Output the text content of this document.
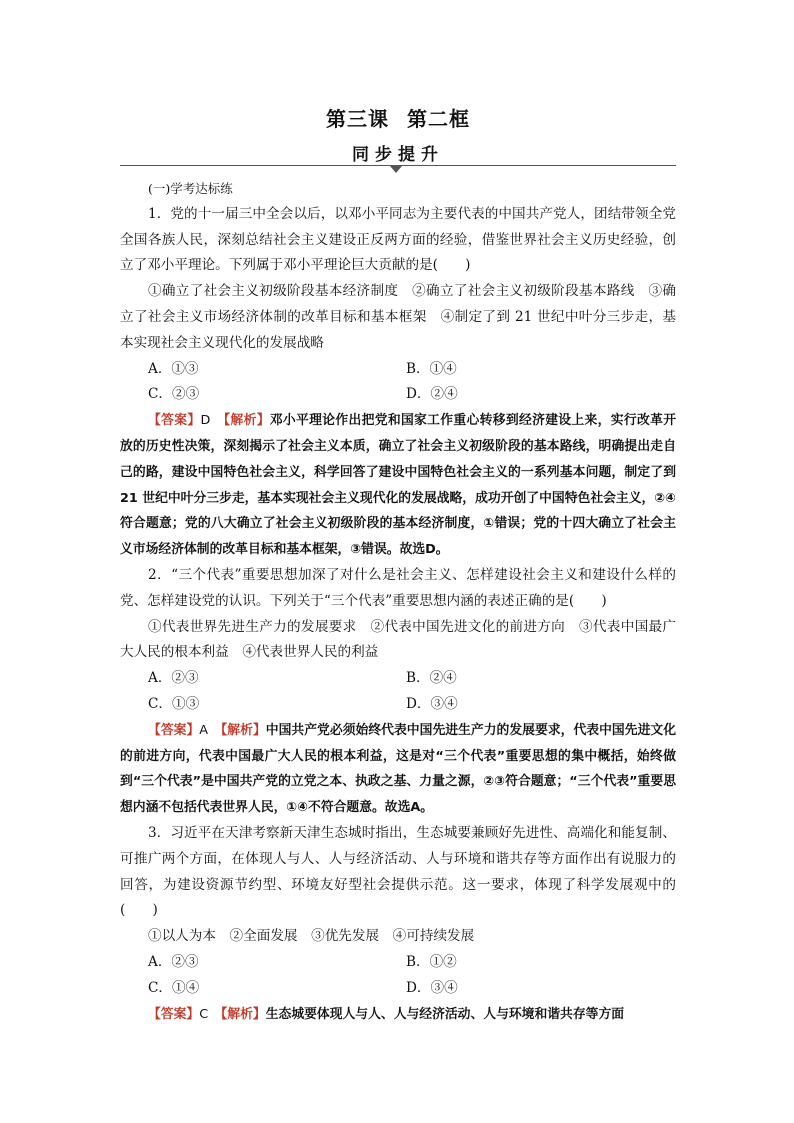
第三课 第二框
同步提升

(一)学考达标练

1．党的十一届三中全会以后，以邓小平同志为主要代表的中国共产党人，团结带领全党全国各族人民，深刻总结社会主义建设正反两方面的经验，借鉴世界社会主义历史经验，创立了邓小平理论。下列属于邓小平理论巨大贡献的是(　　)

①确立了社会主义初级阶段基本经济制度　②确立了社会主义初级阶段基本路线　③确立了社会主义市场经济体制的改革目标和基本框架　④制定了到 21 世纪中叶分三步走，基本实现社会主义现代化的发展战略

A．①③	B．①④
C．②③	D．②④

【答案】D　 【解析】邓小平理论作出把党和国家工作重心转移到经济建设上来，实行改革开放的历史性决策，深刻揭示了社会主义本质，确立了社会主义初级阶段的基本路线，明确提出走自己的路，建设中国特色社会主义，科学回答了建设中国特色社会主义的一系列基本问题，制定了到 21 世纪中叶分三步走，基本实现社会主义现代化的发展战略，成功开创了中国特色社会主义，②④符合题意；党的八大确立了社会主义初级阶段的基本经济制度，①错误；党的十四大确立了社会主义市场经济体制的改革目标和基本框架，③错误。故选D。

2．“三个代表”重要思想加深了对什么是社会主义、怎样建设社会主义和建设什么样的党、怎样建设党的认识。下列关于“三个代表”重要思想内涵的表述正确的是(　　)

①代表世界先进生产力的发展要求　②代表中国先进文化的前进方向　③代表中国最广大人民的根本利益　④代表世界人民的利益

A．②③	B．②④
C．①③	D．③④

【答案】A　 【解析】中国共产党必须始终代表中国先进生产力的发展要求，代表中国先进文化的前进方向，代表中国最广大人民的根本利益，这是对“三个代表”重要思想的集中概括，始终做到“三个代表”是中国共产党的立党之本、执政之基、力量之源，②③符合题意；“三个代表”重要思想内涵不包括代表世界人民，①④不符合题意。故选A。

3．习近平在天津考察新天津生态城时指出，生态城要兼顾好先进性、高端化和能复制、可推广两个方面，在体现人与人、人与经济活动、人与环境和谐共存等方面作出有说服力的回答，为建设资源节约型、环境友好型社会提供示范。这一要求，体现了科学发展观中的(　　)

①以人为本　②全面发展　③优先发展　④可持续发展

A．②③	B．①②
C．①④	D．③④

【答案】C　 【解析】生态城要体现人与人、人与经济活动、人与环境和谐共存等方面
